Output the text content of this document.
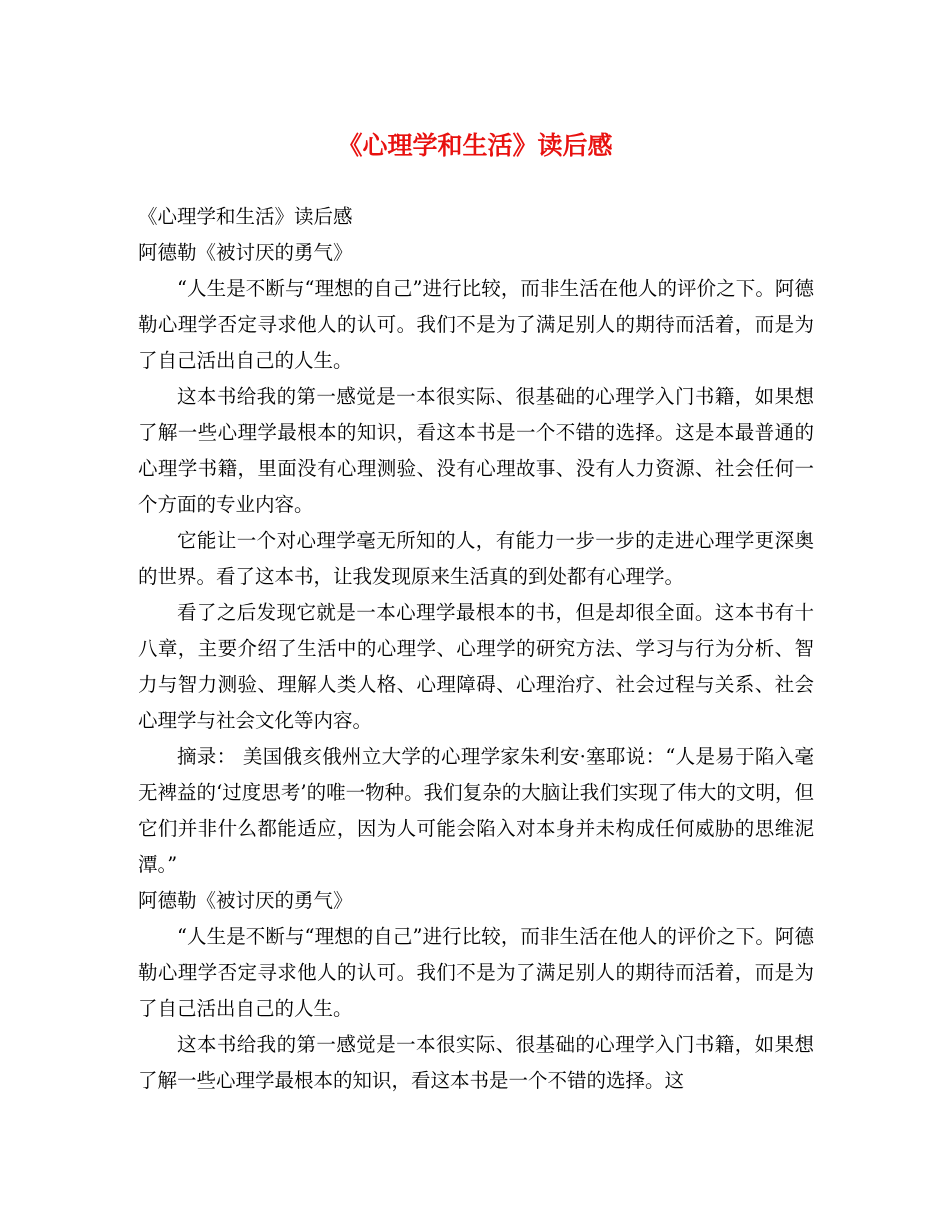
《心理学和生活》读后感

《心理学和生活》读后感

阿德勒《被讨厌的勇气》

“人生是不断与“理想的自己”进行比较，而非生活在他人的评价之下。阿德勒心理学否定寻求他人的认可。我们不是为了满足别人的期待而活着，而是为了自己活出自己的人生。

这本书给我的第一感觉是一本很实际、很基础的心理学入门书籍，如果想了解一些心理学最根本的知识，看这本书是一个不错的选择。这是本最普通的心理学书籍，里面没有心理测验、没有心理故事、没有人力资源、社会任何一个方面的专业内容。

它能让一个对心理学毫无所知的人，有能力一步一步的走进心理学更深奥的世界。看了这本书，让我发现原来生活真的到处都有心理学。

看了之后发现它就是一本心理学最根本的书，但是却很全面。这本书有十八章，主要介绍了生活中的心理学、心理学的研究方法、学习与行为分析、智力与智力测验、理解人类人格、心理障碍、心理治疗、社会过程与关系、社会心理学与社会文化等内容。

摘录： 美国俄亥俄州立大学的心理学家朱利安·塞耶说：“人是易于陷入毫无裨益的‘过度思考’的唯一物种。我们复杂的大脑让我们实现了伟大的文明，但它们并非什么都能适应，因为人可能会陷入对本身并未构成任何威胁的思维泥潭。”

阿德勒《被讨厌的勇气》

“人生是不断与“理想的自己”进行比较，而非生活在他人的评价之下。阿德勒心理学否定寻求他人的认可。我们不是为了满足别人的期待而活着，而是为了自己活出自己的人生。

这本书给我的第一感觉是一本很实际、很基础的心理学入门书籍，如果想了解一些心理学最根本的知识，看这本书是一个不错的选择。这
